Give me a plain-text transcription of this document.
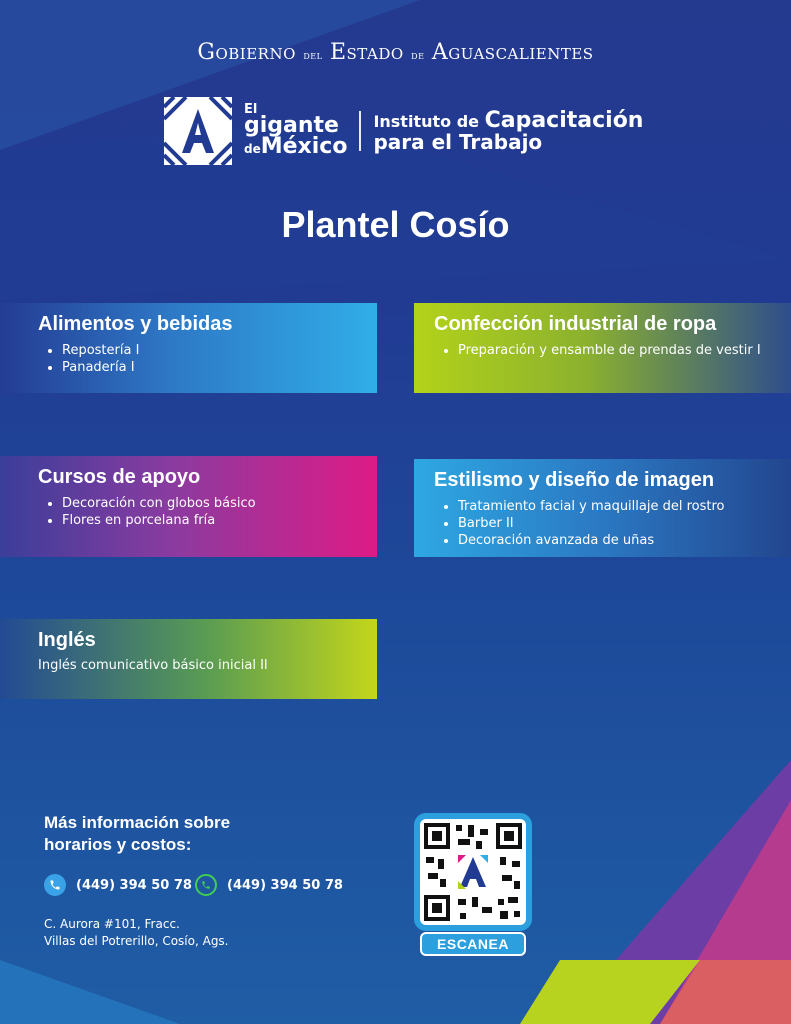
Gobierno del Estado de Aguascalientes
El
gigante
deMéxico
Instituto de Capacitación
para el Trabajo
Plantel Cosío
Alimentos y bebidas
• Repostería I
• Panadería I
Confección industrial de ropa
• Preparación y ensamble de prendas de vestir I
Cursos de apoyo
• Decoración con globos básico
• Flores en porcelana fría
Estilismo y diseño de imagen
• Tratamiento facial y maquillaje del rostro
• Barber II
• Decoración avanzada de uñas
Inglés

Inglés comunicativo básico inicial II

Más información sobre
horarios y costos:
(449) 394 50 78	(449) 394 50 78
C. Aurora #101, Fracc.
Villas del Potrerillo, Cosío, Ags.	ESCANEA
